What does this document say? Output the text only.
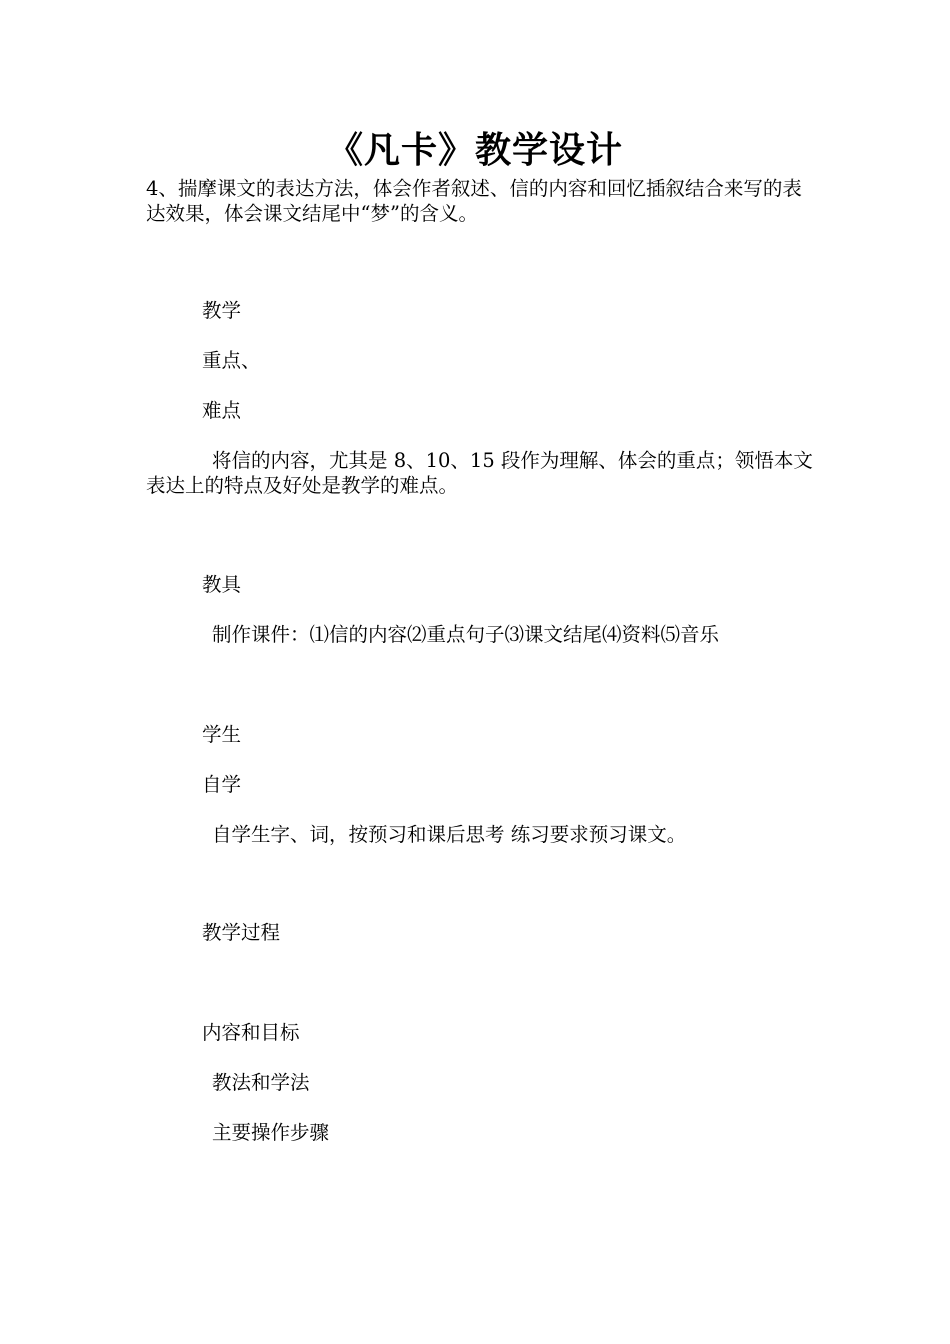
《凡卡》教学设计
4、揣摩课文的表达方法，体会作者叙述、信的内容和回忆插叙结合来写的表达效果，体会课文结尾中“梦”的含义。
教学
重点、
难点
将信的内容，尤其是 8、10、15 段作为理解、体会的重点；领悟本文表达上的特点及好处是教学的难点。
教具
制作课件：⑴信的内容⑵重点句子⑶课文结尾⑷资料⑸音乐
学生
自学
自学生字、词，按预习和课后思考 练习要求预习课文。
教学过程
内容和目标
教法和学法
主要操作步骤
